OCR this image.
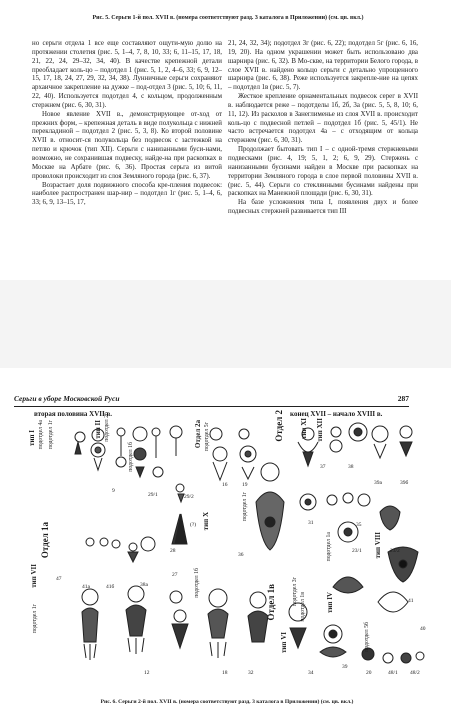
Рис. 5. Серьги 1-й пол. XVII в. (номера соответствуют разд. 3 каталога в Приложении) (см. цв. вкл.)

но серьги отдела 1 все еще составляют ощути-мую долю на протяжении столетия (рис. 5, 1–4, 7, 8, 10, 33; 6, 11–15, 17, 18, 21, 22, 24, 29–32, 34, 40). В качестве крепежной детали преобладает коль-цо – подотдел 1 (рис. 5, 1, 2, 4–6, 33; 6, 9, 12–15, 17, 18, 24, 27, 29, 32, 34, 38). Лунничные серьги сохраняют архаичное закрепление на дужке – под-отдел 3 (рис. 5, 10; 6, 11, 22, 40). Используется подотдел 4, с кольцом, продолженным стержнем (рис. 6, 30, 31).

Новое явление XVII в., демонстрирующее от-ход от прежних форм, – крепежная деталь в виде полукольца с нижней перекладиной – подотдел 2 (рис. 5, 3, 8). Ко второй половине XVII в. относит-ся полукольца без подвесок с застежкой на петлю и крючок (тип XII). Серьги с нанизанными буси-нами, возможно, не сохранившая подвеску, найде-на при раскопках в Москве на Арбате (рис. 6, 36). Простая серьга из витой проволоки происходит из слоя Земляного города (рис. 6, 37).

Возрастает доля подвижного способа кре-пления подвесок: наиболее распространен шар-нир – подотдел 1г (рис. 5, 1–4, 6, 33; 6, 9, 13–15, 17,

21, 24, 32, 34); подотдел 3г (рис. 6, 22); подотдел 5г (рис. 6, 16, 19, 20). На одном украшении может быть использовано два шарнира (рис. 6, 32). В Мо-скве, на территории Белого города, в слое XVII в. найдено кольцо серьги с детально упрощенного шарнира (рис. 6, 38). Реже используется закрепле-ние на цепях – подотдел 1в (рис. 5, 7).

Жесткое крепление орнаментальных подвесок серег в XVII в. наблюдается реже – подотделы 1б, 2б, 3а (рис. 5, 5, 8, 10; 6, 11, 12). Из расколов в Занеглименье из слоя XVII в. происходит коль-цо с подвесной петлей – подотдел 1б (рис. 5, 45/1). Не часто встречается подотдел 4а – с отходящим от кольца стержнем (рис. 6, 30, 31).

Продолжает бытовать тип I – с одной-тремя стержневыми подвесками (рис. 4, 19; 5, 1, 2; 6, 9, 29). Стержень с нанизанными бусинами найден в Москве при раскопках на территории Земляного города в слое первой половины XVII в. (рис. 5, 44). Серьги со стеклянными бусинами найдены при раскопках на Манежной площади (рис. 6, 30, 31).

На базе усложнения типа I, появления двух и более подвесных стержней развивается тип III

Серьги в уборе Московской Руси	287
вторая половина XVII в.	конец XVII – начало XVIII в.
Отдел 1а
Отдел 2а	Отдел 2
Отдел 1в
тип I	тип II
тип VII
тип VI
тип X
тип XI тип XII
тип VIII
тип IV
подотдел 4а подотдел 1г	подотдел 2б
подотдел 1б
подотдел 5г
подотдел 1г
подотдел 1г
подотдел 1б	подотдел 3г
подотдел 1в
подотдел 1а
подотдел 5б
9
29/1	29/2
28
27
16	19
36
37	38
39а	39б
47
41а	41б	38а
31	35
23/1	23/2
41
40
12	18	32	34
39
20	48/1 48/2
(?)
Рис. 6. Серьги 2-й пол. XVII в. (номера соответствуют разд. 3 каталога в Приложении) (см. цв. вкл.)
